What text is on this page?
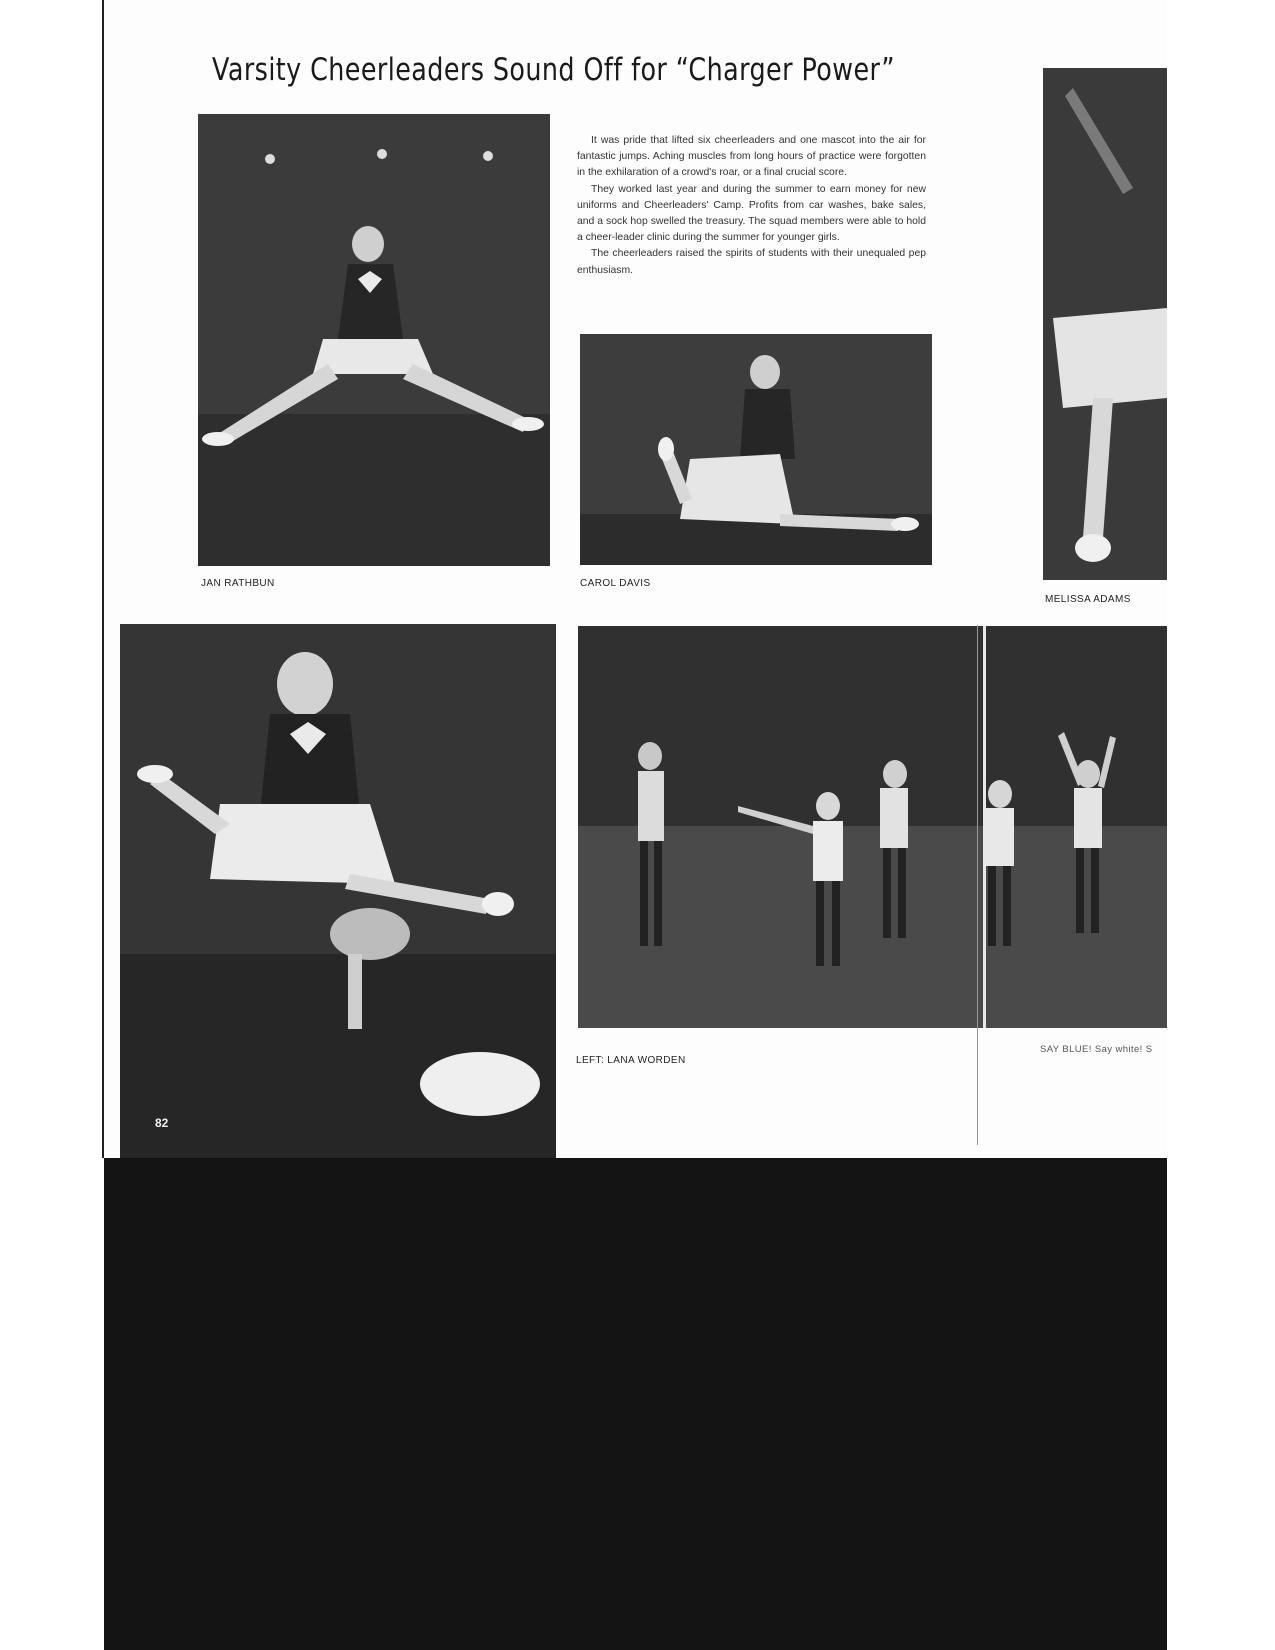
Varsity Cheerleaders Sound Off for “Charger Power”
JAN RATHBUN

It was pride that lifted six cheerleaders and one mascot into the air for fantastic jumps. Aching muscles from long hours of practice were forgotten in the exhilaration of a crowd's roar, or a final crucial score.

They worked last year and during the summer to earn money for new uniforms and Cheerleaders' Camp. Profits from car washes, bake sales, and a sock hop swelled the treasury. The squad members were able to hold a cheer-leader clinic during the summer for younger girls.

The cheerleaders raised the spirits of students with their unequaled pep enthusiasm.

CAROL DAVIS
MELISSA ADAMS
82
LEFT: LANA WORDEN
SAY BLUE! Say white! S
